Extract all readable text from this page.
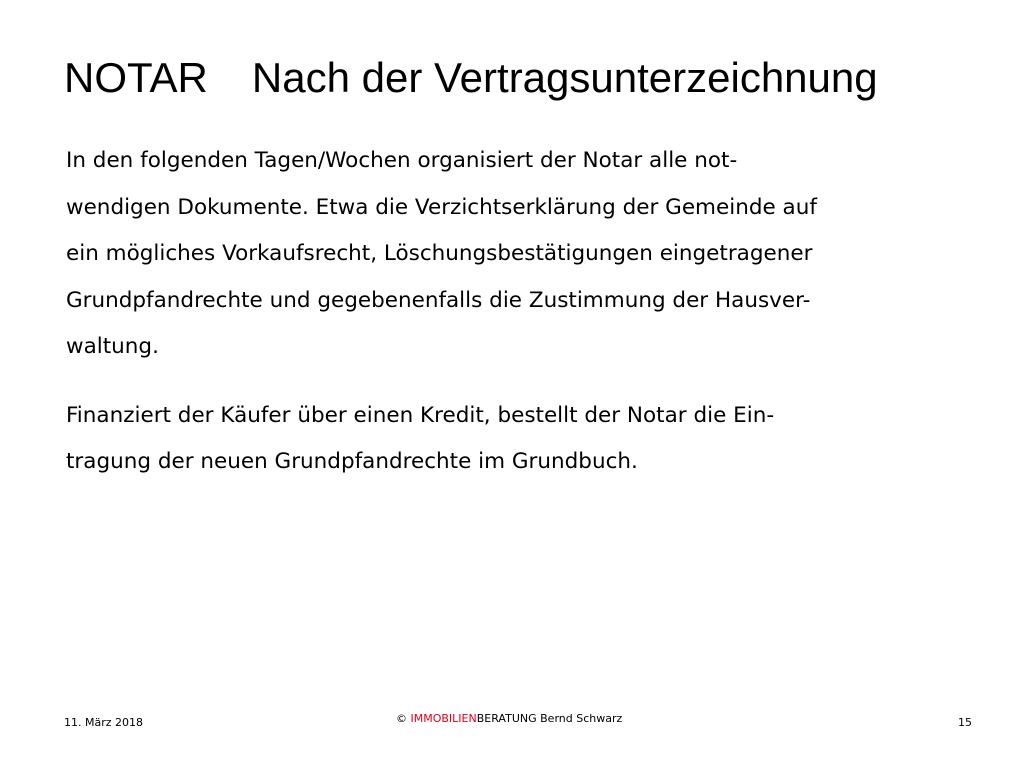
NOTAR Nach der Vertragsunterzeichnung

In den folgenden Tagen/Wochen organisiert der Notar alle not-
wendigen Dokumente. Etwa die Verzichtserklärung der Gemeinde auf
ein mögliches Vorkaufsrecht, Löschungsbestätigungen eingetragener
Grundpfandrechte und gegebenenfalls die Zustimmung der Hausver-
waltung.

Finanziert der Käufer über einen Kredit, bestellt der Notar die Ein-
tragung der neuen Grundpfandrechte im Grundbuch.

11. März 2018	© IMMOBILIENBERATUNG Bernd Schwarz	15
